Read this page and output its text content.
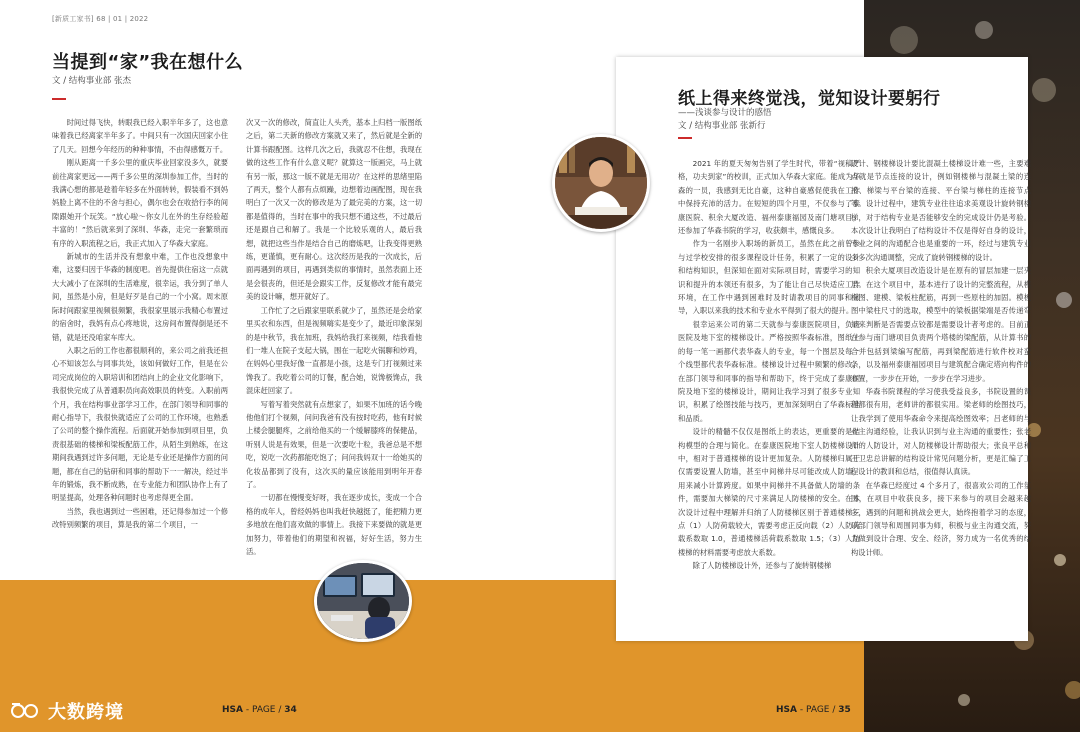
[新质工家书] 68 | 01 | 2022
当提到“家”我在想什么
文 / 结构事业部 张杰

时间过得飞快，转眼我已经入职半年多了，这也意味着我已经离家半年多了。中间只有一次国庆回家小住了几天。回想今年经历的种种事情，不由得感慨万千。

刚从距离一千多公里的重庆毕业回家没多久，就要前往离家更远——两千多公里的深圳参加工作，当时的我满心想的都是趁着年轻多在外面转转，假装看不到妈妈脸上离不住的不舍与担心，偶尔也会在收拾行李的间隙跟她开个玩笑。“放心啦～你女儿在外的生存经验超丰富的！”然后就来到了深圳、华森，走完一套繁琐而有序的入职流程之后，我正式加入了华森大家庭。

新城市的生活并没有想象中难，工作也没想象中难，这要归因于华森的制度吧。首先提供住宿这一点就大大减小了在深圳的生活难度，很幸运，我分到了单人间，虽然是小房，但是好歹是自己的一个小窝。周末原际时间跟家里视频很频繁，我很家里展示我精心布置过的宿舍时，我妈有点心疼地说，这房间布置得倒是还不错，就是还没咱家车库大。

入职之后的工作也都很顺利的，来公司之前我还担心不知该怎么与同事共处，该如何做好工作，但是在公司完成岗位的入职培训和团结向上的企业文化影响下，我很快完成了从普通职员向高效职员的转变。入职前两个月，我在结构事业部学习工作，在部门领导和同事的耐心指导下，我很快就适应了公司的工作环境，也熟悉了公司的整个操作流程。后面就开始参加到项目里，负责很基础的楼梯和梁板配筋工作，从陌生到熟练，在这期间我遇到过许多问题，无论是专业还是操作方面的问题，都在自己的钻研和同事的帮助下一一解决，经过半年的锻炼，我不断成熟，在专业能力和团队协作上有了明显提高，处理各种问题时也考虑得更全面。

当然，我也遇到过一些困难，还记得参加过一个修改特别频繁的项目，算是我的第二个项目，一

次又一次的修改，简直让人头秃，基本上归档一版图纸之后，第二天新的修改方案就又来了，然后就是全新的计算书跟配图。这样几次之后，我就忍不住想，我现在做的这些工作有什么意义呢？就算这一版画完，马上就有另一版，那这一版不就是无用功？在这样的思绪里陷了两天，整个人都有点烦躁，边想着边画配图，现在我明白了一次又一次的修改是为了最完美的方案，这一切都是值得的，当时在事中的我只想不通这些，不过最后还是跟自己和解了。我是一个比较乐观的人，最后我想，就把这些当作是结合自己的磨炼吧，让我变得更熟练，更谨慎，更有耐心。这次经历是我的一次成长，后面再遇到的项目，再遇到类似的事情时，虽然表面上还是会很丧的，但还是会跟实工作，反复修改才能有最完美的设计嘛，想开就好了。

工作忙了之后跟家里联系就少了，虽然还是会给家里买衣和东西，但是视频嗨实是变少了，最近印象深刻的是中秋节，我在加班，我妈给我打来视频，结我看他们一堆人在院子支起大锅，围在一起吃火锅聊和炒鸡，在妈妈心里我好像一直都是小孩，这是专门打视频过来馋我了。我吃着公司的订餐，配合她，说馋极馋点，我混床赶回家了。

写着写着突然就有点想家了，如果不加班的话今晚他他们打个视频，问问我爸有没有按时吃药，他有时候上楼会腿腿疼，之前给他买的一个缓解膝疼的保健品，听别人说是有效果，但是一次要吃十粒，我爸总是不想吃，说吃一次药都能吃饱了；问问我妈双十一给她买的化妆品都到了没有，这次买的量应该能用到明年开春了。

一切都在慢慢变好呀，我在逐步成长，变成一个合格的成年人，曾经妈妈也叫我赶快越挺了，能把精力更多地放在他们喜欢做的事情上。我接下来要做的就是更加努力，带着他们的期望和祝福，好好生活，努力生活。

大数跨境	HSA - PAGE / 34
纸上得来终觉浅，觉知设计要躬行
——浅谈参与设计的感悟
文 / 结构事业部 张新行

2021 年的夏天匆匆告别了学生时代，带着“视稿严格，功夫到家”的校训，正式加入华森大家庭。能成为华森的一员，我感到无比自豪，这种自豪感促使我在工作中保持充沛的活力。在短短的四个月里，不仅参与了泰康医院、积余大厦改造、福州泰康福园及南门塘项目，还参加了华森书院的学习，收获颇丰，感慨良多。

作为一名刚步入职场的新员工，虽然在此之前曾参与过学校安排的很多课程设计任务，积累了一定的设计和结构知识，但深知在面对实际项目时，需要学习的知识和提升的本领还有很多，为了能让自己尽快适应工作环境，在工作中遇到困难时及时请教项目的同事和领导，入职以来我的技术和专业水平得到了很大的提升。

很幸运来公司的第二天就参与泰康医院项目，负责医院及地下室的楼梯设计。严格按照华森标准，图纸上的每一笔一画都代表华森人的专业，每一个图层及每一个线型都代表华森标准。楼梯设计过程中频繁的修改，在部门领导和同事的指导和帮助下，终于完成了泰康医院及地下室的楼梯设计，期间让我学习到了很多专业知识，积累了绘图技能与技巧，更加深刻明白了华森标准和品质。

设计的精髓不仅仅是图纸上的表达，更重要的是结构模型的合理与简化。在泰康医院地下室人防楼梯设计中，相对于普通楼梯的设计更加复杂。人防楼梯归属于仅需要设置人防墙，甚至中间梯井尽可能改成人防墙，用来减小计算跨度。如果中间梯井不具备做人防墙的条件，需要加大梯梁的尺寸来满足人防楼梯的安全。在本次设计过程中理解并归纳了人防楼梯区别于普通楼梯三点（1）人防荷载较大，需要考虑正反向载（2）人防荷载系数取 1.0，普通楼梯活荷载系数取 1.5；（3）人防楼梯的材料需要考虑放大系数。

除了人防楼梯设计外，还参与了旋转钢楼梯

设计、钢楼梯设计要比混凝土楼梯设计难一些，主要难点就是节点连接的设计，例如钢楼梯与混凝土梁的连接、梯梁与平台梁的连接、平台梁与梯柱的连接节点等。设计过程中，建筑专业往往追求美观设计旋转钢楼梯，对于结构专业是否能够安全的完成设计仍是考验。本次设计让我明白了结构设计不仅是得好自身的设计，专业之间的沟通配合也是重要的一环，经过与建筑专业多多次沟通调整，完成了旋转钢楼梯的设计。

积余大厦项目改造设计是在原有的冒层加建一层夹层。在这个项目中，基本进行了设计的完整流程，从模板图、建模、梁板柱配筋，再到一些原柱的加固。模板图中梁柱尺寸的选取，模型中的梁板据梁端是否传递弯矩来判断是否需要点铰都是需要设计者考虑的。目前正在参与南门塘项目负责两个塔楼的梁配筋，从计算书的合并包括到梁编写配筋，再到梁配筋进行软件校对蛮条，以及福州泰康福园项目与建筑配合确定塔向构件的布置，一步步在开始，一步步在学习进步。

华森书院课程的学习使我受益良多，书院设置的课程都很有用，老师讲的都很实用。梁老师的绘图技巧，让我学到了使用华森命令来提高绘图效率；吕老师的与业主沟通经验，让我认识到与业主沟通的重要性；张老师的人防设计，对人防楼梯设计帮助很大；张良平总和王卫忠总讲解的结构设计常见问题分析，更是汇编了工程设计的教训和总结，很值得认真读。

在华森已经度过 4 个多月了，很喜欢公司的工作氛围，在项目中收获良多，接下来参与的项目会越来越多，遇到的问题和挑战会更大，始终抱着学习的态度，以部门领导和周围同事为师，积极与业主沟通交流，努力做到设计合理、安全、经济，努力成为一名优秀的结构设计师。

HSA - PAGE / 35
